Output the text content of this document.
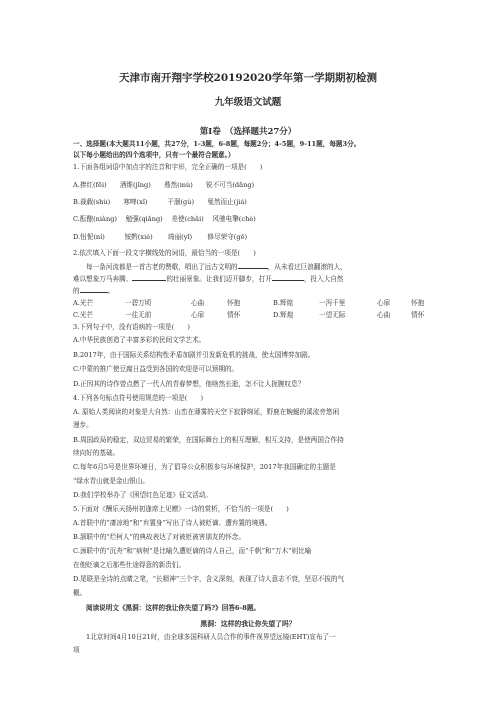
天津市南开翔宇学校20192020学年第一学期期初检测
九年级语文试题
第Ⅰ卷　（选择题共27分）
一、选择题(本大题共11小题，共27分，1-3题，6-8题，每题2分；4-5题，9-11题，每题3分。
以下每小题给出的四个选项中，只有一个最符合题意。）
1.下面各组词语中加点字的注音和字形，完全正确的一项是(　　)
A.捧红(fēi)　　酒维(jǐng)　　蓦然(mù)　　锐不可当(dǎng)
B.裁载(shù)　　寒啤(xǐ)　　　干涸(gù)　　戛然而止(jiá)
C.酝酿(niàng)　 勉强(qiǎng)　 差使(chǎi)　 风驰电擎(chè)
D.忸怩(ní)　　　铵黔(xié)　　 绮丽(yǐ)　　 修尽荣守(gē)
2.依次填入下面一段文字横线处的词语，最恰当的一项是(　　)
每一条河流都是一首古老的赞歌，唱出了远古文明的	，从未看过巨浪翻滚的人，
难以想象万马奔腾、	的壮丽景象。让我们迈开脚步，打开	，投入大自然
的	。
A.光芒	一碧万顷	心曲	怀抱	B.辉煌	一泻千里	心扉	怀抱
C.光芒	一往无前	心扉	情怀	D.辉煌	一望无际	心曲	情怀
3.下列句子中，没有语病的一项是(　　)
A.中华民族创造了丰富多彩的民间文学艺术。
B.2017年，由于国际关系结构性矛盾加剧并引发新危机的挑战，使太国博弈加剧。
C.中蒙的推广使豆腐日益受到各国的欢迎是可以预期的。
D.正因其的诗作曾点燃了一代人的青春梦想，他啥然长逝，怎不让人扼腕叹息？
4.下列各句标点符号使用规范的一项是(　　)
A. 原始人类阅读的对象是大自然：山峦在薄雾的天空下寂静绵延，野鹿在蜿蜒的溪流旁悠闲
漫步。
B.周国政局的稳定，双边贸易的繁荣，在国际舞台上的相互理解，相互支持，是使两国合作持
续向好的基础。
C.每年6月5号是世界环境日，为了倡导公众积极参与环境保护，2017年我国确定的主题是
“绿水青山就是金山银山。
D.我们学校举办了《困望红色足迹》征文活动。
5.下面对《酬乐天扬州初逢席上见赠》一诗的赏析，不恰当的一项是(　　)
A.首联中的“凄凉地”和“弃置身”写出了诗人被贬谪、遭弃置的境遇。
B.颔联中的“烂柯人”的典故表达了对被贬被害朋友的怀念。
C.颈联中的“沉舟”和“病树”是比喻久遭贬谪的诗人自己，而“千帆”和“万木”则比喻
在他贬谪之后那些仕途得意的新贵们。
D.尾联是全诗的点睛之笔，“长精神”三个字，含义深刻，表现了诗人意志不衰，坚忍不拔的气
概。
阅读说明文《黑洞：这样的我让你失望了吗?》回答6-8题。
黑洞：这样的我让你失望了吗？
1北京时间4月10日21时，由全球多国科研人员合作的事件视界望远镜(EHT)宣布了一
项
